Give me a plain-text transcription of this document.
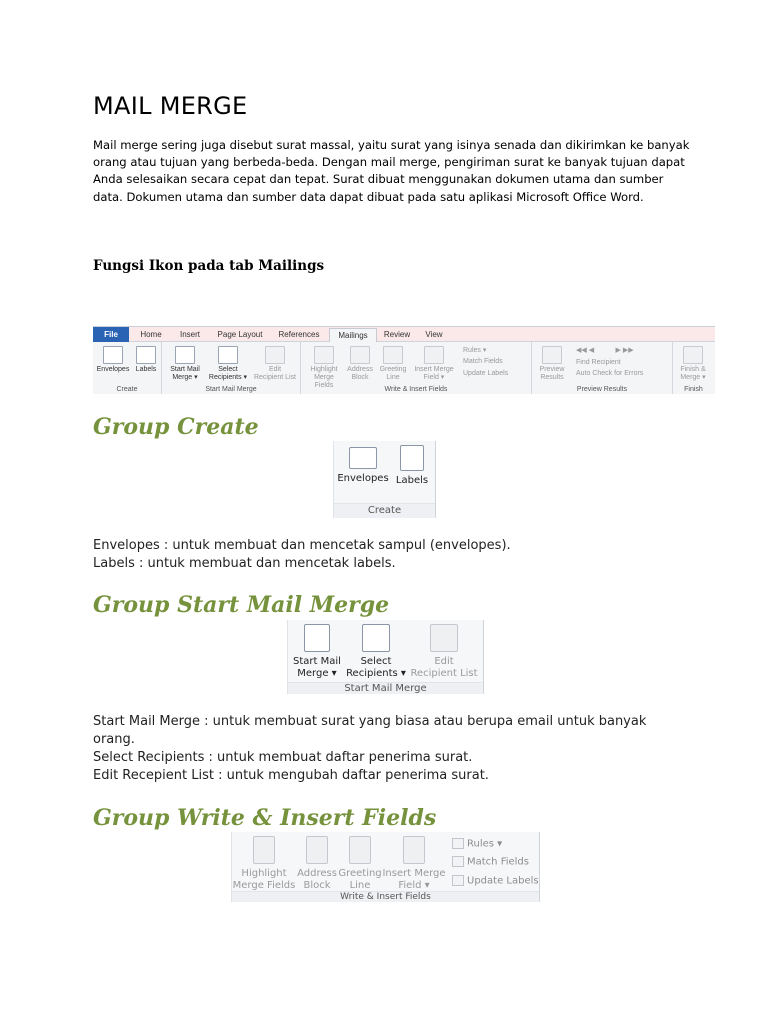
MAIL MERGE

Mail merge sering juga disebut surat massal, yaitu surat yang isinya senada dan dikirimkan ke banyak
orang atau tujuan yang berbeda-beda. Dengan mail merge, pengiriman surat ke banyak tujuan dapat
Anda selesaikan secara cepat dan tepat. Surat dibuat menggunakan dokumen utama dan sumber
data. Dokumen utama dan sumber data dapat dibuat pada satu aplikasi Microsoft Office Word.

Fungsi Ikon pada tab Mailings
File	Home	Insert	Page Layout	References	Mailings	Review	View
Envelopes Labels
Create
Start Mail
Merge ▾
Select
Recipients ▾
Edit
Recipient List
Start Mail Merge
Highlight
Merge Fields
Address
Block
Greeting
Line
Insert Merge
Field ▾
Rules ▾
Match Fields
Update Labels
Write & Insert Fields
Preview
Results
◀◀ ◀           ▶ ▶▶
Find Recipient
Auto Check for Errors
Preview Results
Finish &
Merge ▾
Finish
Group Create
Envelopes Labels
Create
Envelopes : untuk membuat dan mencetak sampul (envelopes).
Labels : untuk membuat dan mencetak labels.
Group Start Mail Merge
Start Mail
Merge ▾
Select
Recipients ▾
Edit
Recipient List
Start Mail Merge
Start Mail Merge : untuk membuat surat yang biasa atau berupa email untuk banyak
orang.
Select Recipients : untuk membuat daftar penerima surat.
Edit Recepient List : untuk mengubah daftar penerima surat.
Group Write & Insert Fields
Highlight
Merge Fields
Address
Block
Greeting
Line
Insert Merge
Field ▾
Rules ▾
Match Fields
Update Labels
Write & Insert Fields
